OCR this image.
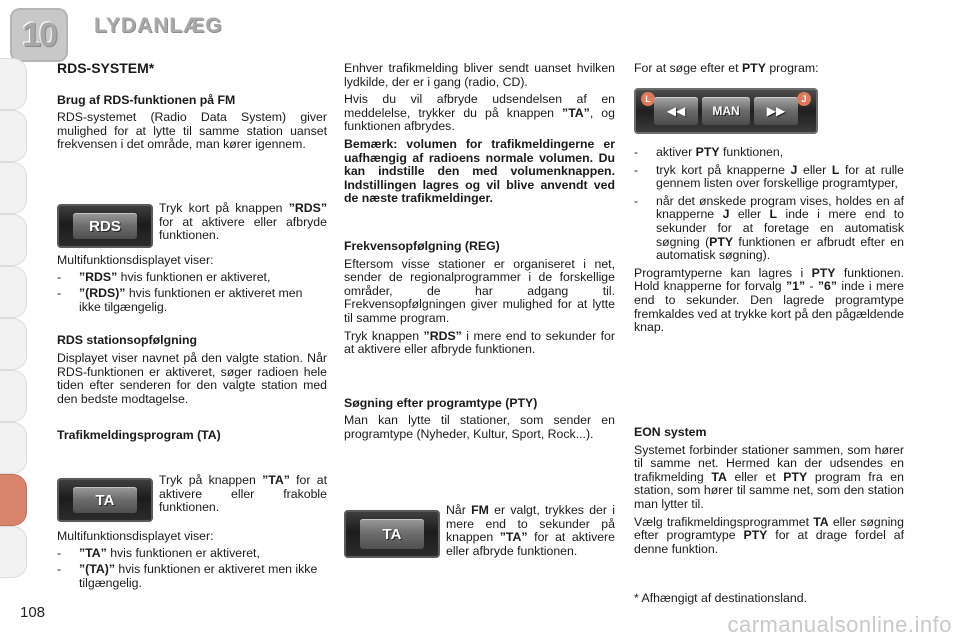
10	LYDANLÆG

RDS-SYSTEM*

Brug af RDS-funktionen på FM

RDS-systemet (Radio Data System) giver mulighed for at lytte til samme station uanset frekvensen i det område, man kører igennem.

RDS
Tryk kort på knappen ”RDS” for at aktivere eller afbryde funktionen.

Multifunktionsdisplayet viser:

- ”RDS” hvis funktionen er aktiveret,

- ”(RDS)” hvis funktionen er aktiveret men ikke tilgængelig.

RDS stationsopfølgning

Displayet viser navnet på den valgte station. Når RDS-funktionen er aktiveret, søger radioen hele tiden efter senderen for den valgte station med den bedste modtagelse.

Trafikmeldingsprogram (TA)

TA
Tryk på knappen ”TA” for at aktivere eller frakoble funktionen.

Multifunktionsdisplayet viser:

- ”TA” hvis funktionen er aktiveret,

- ”(TA)” hvis funktionen er aktiveret men ikke tilgængelig.

Enhver trafikmelding bliver sendt uanset hvilken lydkilde, der er i gang (radio, CD).

Hvis du vil afbryde udsendelsen af en meddelelse, trykker du på knappen ”TA”, og funktionen afbrydes.

Bemærk: volumen for trafikmeldingerne er uafhængig af radioens normale volumen. Du kan indstille den med volumenknappen. Indstillingen lagres og vil blive anvendt ved de næste trafikmeldinger.

Frekvensopfølgning (REG)

Eftersom visse stationer er organiseret i net, sender de regionalprogrammer i de forskellige områder, de har adgang til. Frekvensopfølgningen giver mulighed for at lytte til samme program.

Tryk knappen ”RDS” i mere end to sekunder for at aktivere eller afbryde funktionen.

Søgning efter programtype (PTY)

Man kan lytte til stationer, som sender en programtype (Nyheder, Kultur, Sport, Rock...).

TA
Når FM er valgt, trykkes der i mere end to sekunder på knappen ”TA” for at aktivere eller afbryde funktionen.

For at søge efter et PTY program:

L
◀◀	MAN	▶▶
J

- aktiver PTY funktionen,

- tryk kort på knapperne J eller L for at rulle gennem listen over forskellige programtyper,

- når det ønskede program vises, holdes en af knapperne J eller L inde i mere end to sekunder for at foretage en automatisk søgning (PTY funktionen er afbrudt efter en automatisk søgning).

Programtyperne kan lagres i PTY funktionen. Hold knapperne for forvalg ”1” - ”6” inde i mere end to sekunder. Den lagrede programtype fremkaldes ved at trykke kort på den pågældende knap.

EON system

Systemet forbinder stationer sammen, som hører til samme net. Hermed kan der udsendes en trafikmelding TA eller et PTY program fra en station, som hører til samme net, som den station man lytter til.

Vælg trafikmeldingsprogrammet TA eller søgning efter programtype PTY for at drage fordel af denne funktion.

* Afhængigt af destinationsland.
108	carmanualsonline.info
